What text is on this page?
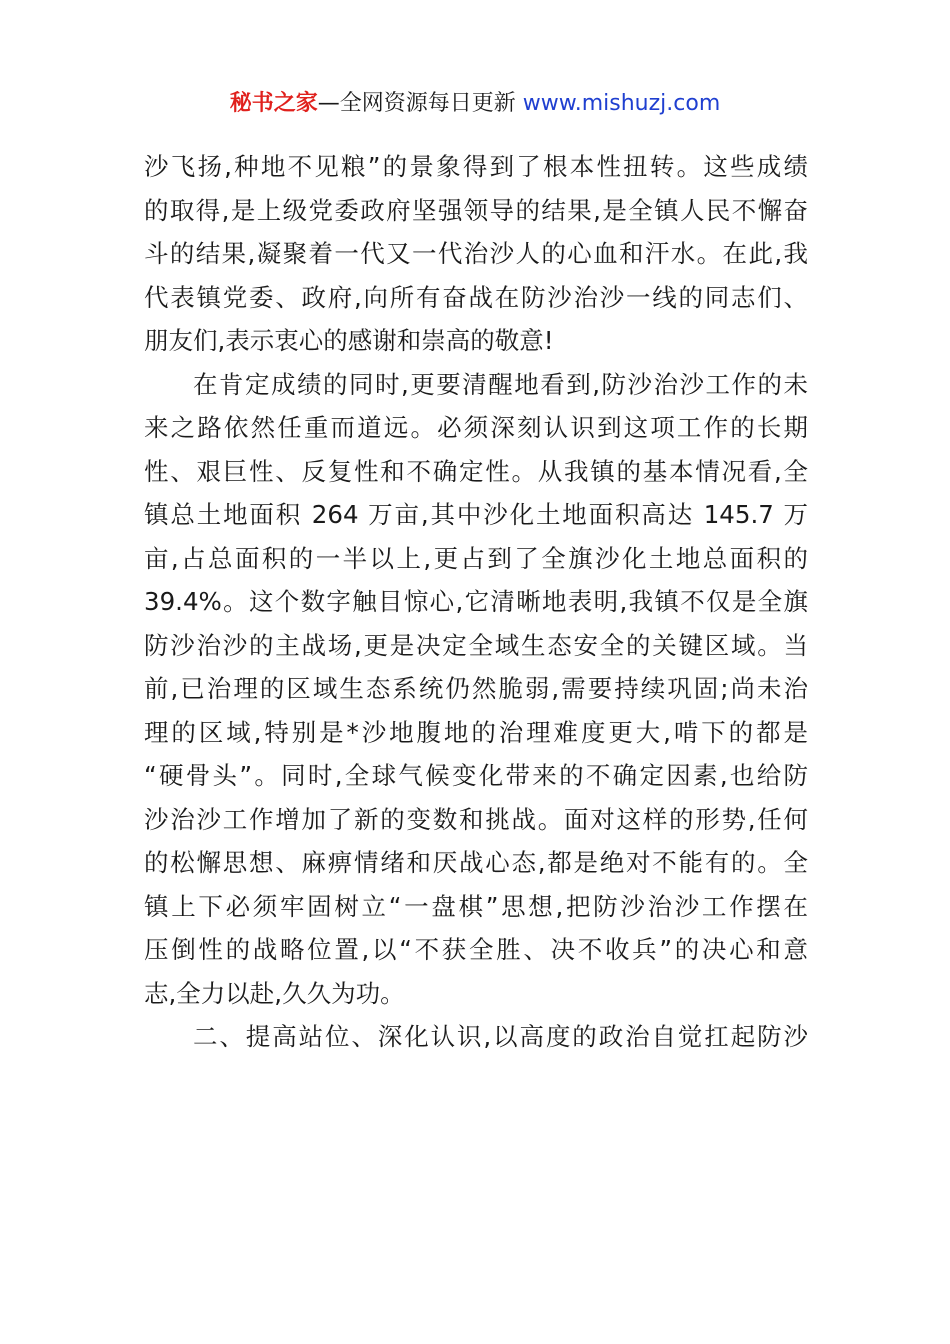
秘书之家—全网资源每日更新 www.mishuzj.com
沙飞扬,种地不见粮”的景象得到了根本性扭转。这些成绩
的取得,是上级党委政府坚强领导的结果,是全镇人民不懈奋
斗的结果,凝聚着一代又一代治沙人的心血和汗水。在此,我
代表镇党委、政府,向所有奋战在防沙治沙一线的同志们、
朋友们,表示衷心的感谢和崇高的敬意!
在肯定成绩的同时,更要清醒地看到,防沙治沙工作的未
来之路依然任重而道远。必须深刻认识到这项工作的长期
性、艰巨性、反复性和不确定性。从我镇的基本情况看,全
镇总土地面积 264 万亩,其中沙化土地面积高达 145.7 万
亩,占总面积的一半以上,更占到了全旗沙化土地总面积的
39.4%。这个数字触目惊心,它清晰地表明,我镇不仅是全旗
防沙治沙的主战场,更是决定全域生态安全的关键区域。当
前,已治理的区域生态系统仍然脆弱,需要持续巩固;尚未治
理的区域,特别是*沙地腹地的治理难度更大,啃下的都是
“硬骨头”。同时,全球气候变化带来的不确定因素,也给防
沙治沙工作增加了新的变数和挑战。面对这样的形势,任何
的松懈思想、麻痹情绪和厌战心态,都是绝对不能有的。全
镇上下必须牢固树立“一盘棋”思想,把防沙治沙工作摆在
压倒性的战略位置,以“不获全胜、决不收兵”的决心和意
志,全力以赴,久久为功。
二、提高站位、深化认识,以高度的政治自觉扛起防沙
